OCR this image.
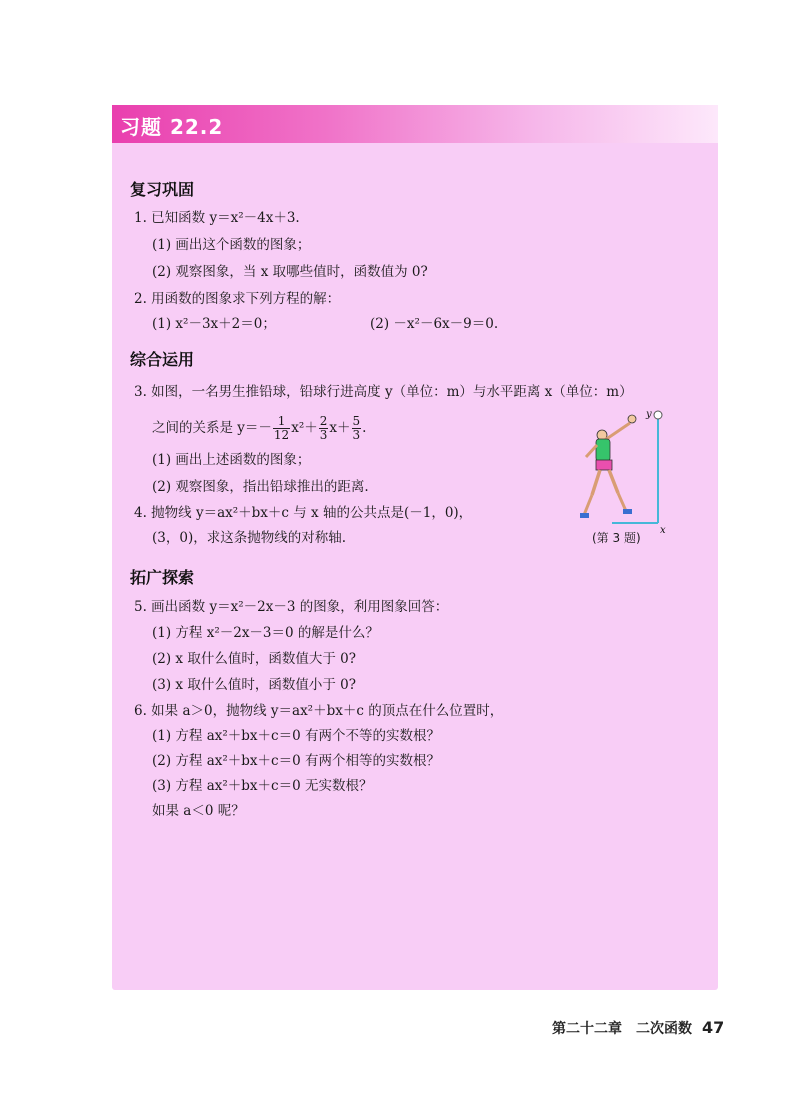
习题 22.2
复习巩固
1. 已知函数 y＝x²－4x＋3.
(1) 画出这个函数的图象；
(2) 观察图象，当 x 取哪些值时，函数值为 0?
2. 用函数的图象求下列方程的解：
(1) x²－3x＋2＝0；	(2) －x²－6x－9＝0.
综合运用
3. 如图，一名男生推铅球，铅球行进高度 y（单位：m）与水平距离 x（单位：m）
之间的关系是 $y=- \frac{1}{12} x^2+ \frac{2}{3} x+ \frac{5}{3}$ .
(1) 画出上述函数的图象；
(2) 观察图象，指出铅球推出的距离.
4. 抛物线 y＝ax²＋bx＋c 与 x 轴的公共点是(－1，0)，
(3，0)，求这条抛物线的对称轴.
y
x
(第 3 题)
拓广探索
5. 画出函数 y＝x²－2x－3 的图象，利用图象回答：
(1) 方程 x²－2x－3＝0 的解是什么？
(2) x 取什么值时，函数值大于 0?
(3) x 取什么值时，函数值小于 0?
6. 如果 a＞0，抛物线 y＝ax²＋bx＋c 的顶点在什么位置时，
(1) 方程 ax²＋bx＋c＝0 有两个不等的实数根？
(2) 方程 ax²＋bx＋c＝0 有两个相等的实数根？
(3) 方程 ax²＋bx＋c＝0 无实数根？
如果 a＜0 呢？
第二十二章　二次函数 47
